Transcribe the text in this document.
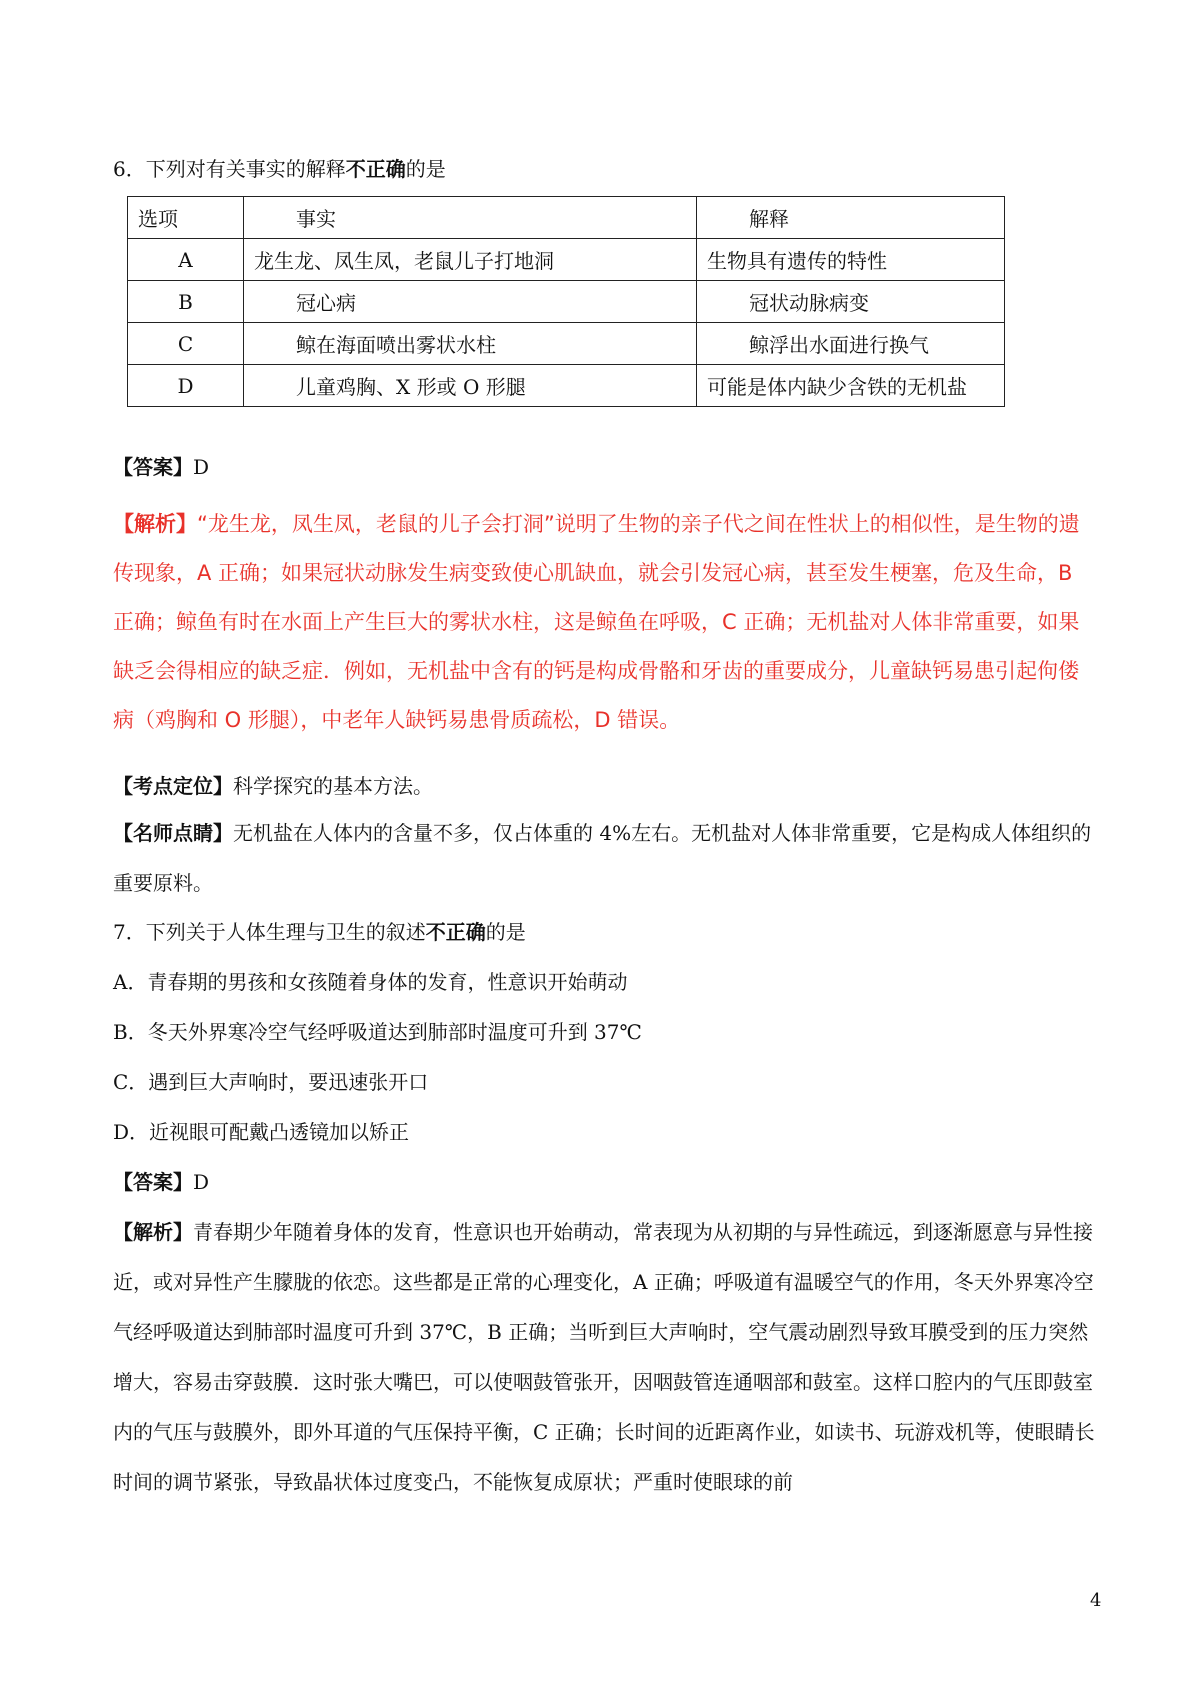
6．下列对有关事实的解释不正确的是
选项	事实	解释
A	龙生龙、凤生凤，老鼠儿子打地洞	生物具有遗传的特性
B	冠心病	冠状动脉病变
C	鲸在海面喷出雾状水柱	鲸浮出水面进行换气
D	儿童鸡胸、X 形或 O 形腿	可能是体内缺少含铁的无机盐
【答案】D
【解析】“龙生龙，凤生凤，老鼠的儿子会打洞”说明了生物的亲子代之间在性状上的相似性，是生物的遗传现象，A 正确；如果冠状动脉发生病变致使心肌缺血，就会引发冠心病，甚至发生梗塞，危及生命，B 正确；鲸鱼有时在水面上产生巨大的雾状水柱，这是鲸鱼在呼吸，C 正确；无机盐对人体非常重要，如果缺乏会得相应的缺乏症．例如，无机盐中含有的钙是构成骨骼和牙齿的重要成分，儿童缺钙易患引起佝偻病（鸡胸和 O 形腿），中老年人缺钙易患骨质疏松，D 错误。
【考点定位】科学探究的基本方法。
【名师点睛】无机盐在人体内的含量不多，仅占体重的 4%左右。无机盐对人体非常重要，它是构成人体组织的重要原料。
7．下列关于人体生理与卫生的叙述不正确的是
A．青春期的男孩和女孩随着身体的发育，性意识开始萌动
B．冬天外界寒冷空气经呼吸道达到肺部时温度可升到 37℃
C．遇到巨大声响时，要迅速张开口
D．近视眼可配戴凸透镜加以矫正
【答案】D
【解析】青春期少年随着身体的发育，性意识也开始萌动，常表现为从初期的与异性疏远，到逐渐愿意与异性接近，或对异性产生朦胧的依恋。这些都是正常的心理变化，A 正确；呼吸道有温暖空气的作用，冬天外界寒冷空气经呼吸道达到肺部时温度可升到 37℃，B 正确；当听到巨大声响时，空气震动剧烈导致耳膜受到的压力突然增大，容易击穿鼓膜．这时张大嘴巴，可以使咽鼓管张开，因咽鼓管连通咽部和鼓室。这样口腔内的气压即鼓室内的气压与鼓膜外，即外耳道的气压保持平衡，C 正确；长时间的近距离作业，如读书、玩游戏机等，使眼睛长时间的调节紧张，导致晶状体过度变凸，不能恢复成原状；严重时使眼球的前
4
